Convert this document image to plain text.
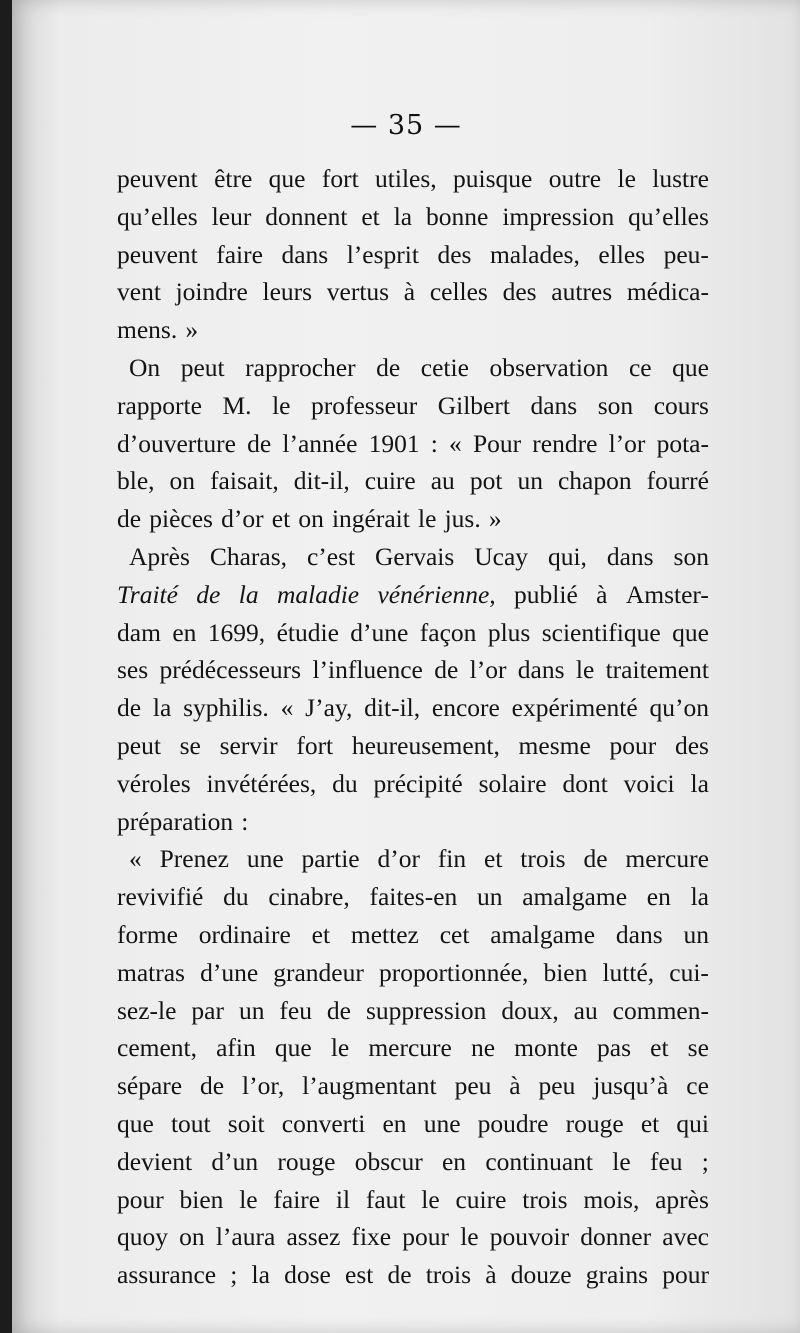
— 35 —
peuvent être que fort utiles, puisque outre le lustre
qu’elles leur donnent et la bonne impression qu’elles
peuvent faire dans l’esprit des malades, elles peu-
vent joindre leurs vertus à celles des autres médica-
mens. »
On peut rapprocher de cetie observation ce que
rapporte M. le professeur Gilbert dans son cours
d’ouverture de l’année 1901 : « Pour rendre l’or pota-
ble, on faisait, dit-il, cuire au pot un chapon fourré
de pièces d’or et on ingérait le jus. »
Après Charas, c’est Gervais Ucay qui, dans son
Traité de la maladie vénérienne, publié à Amster-
dam en 1699, étudie d’une façon plus scientifique que
ses prédécesseurs l’influence de l’or dans le traitement
de la syphilis. « J’ay, dit-il, encore expérimenté qu’on
peut se servir fort heureusement, mesme pour des
véroles invétérées, du précipité solaire dont voici la
préparation :
« Prenez une partie d’or fin et trois de mercure
revivifié du cinabre, faites-en un amalgame en la
forme ordinaire et mettez cet amalgame dans un
matras d’une grandeur proportionnée, bien lutté, cui-
sez-le par un feu de suppression doux, au commen-
cement, afin que le mercure ne monte pas et se
sépare de l’or, l’augmentant peu à peu jusqu’à ce
que tout soit converti en une poudre rouge et qui
devient d’un rouge obscur en continuant le feu ;
pour bien le faire il faut le cuire trois mois, après
quoy on l’aura assez fixe pour le pouvoir donner avec
assurance ; la dose est de trois à douze grains pour
